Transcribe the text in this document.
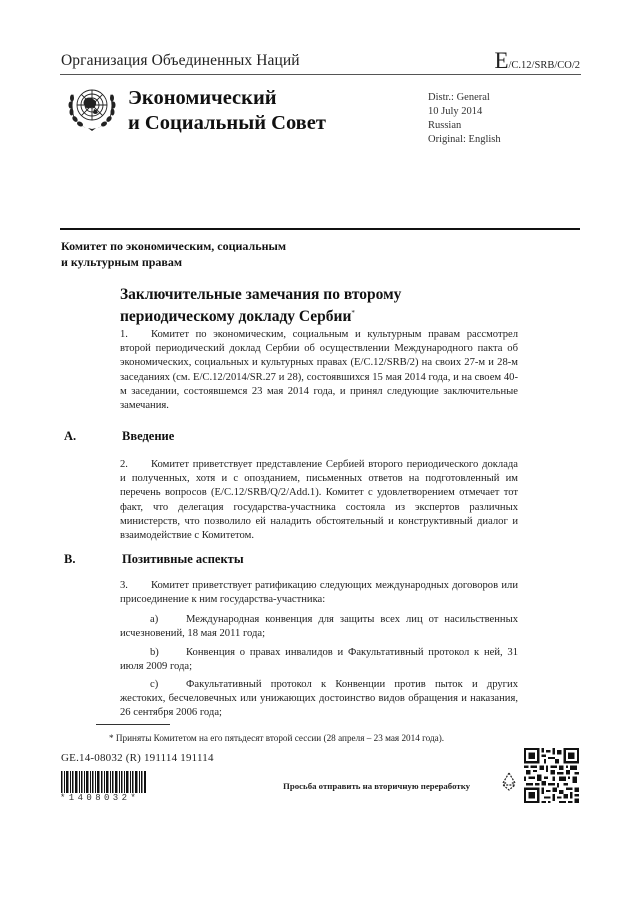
Организация Объединенных Наций	E/C.12/SRB/CO/2
Экономический
и Социальный Совет
Distr.: General
10 July 2014
Russian
Original: English
Комитет по экономическим, социальным
и культурным правам
Заключительные замечания по второму
периодическому докладу Сербии*
1. Комитет по экономическим, социальным и культурным правам рассмотрел второй периодический доклад Сербии об осуществлении Международного пакта об экономических, социальных и культурных правах (E/C.12/SRB/2) на своих 27-м и 28-м заседаниях (см. E/C.12/2014/SR.27 и 28), состоявшихся 15 мая 2014 года, и на своем 40-м заседании, состоявшемся 23 мая 2014 года, и принял следующие заключительные замечания.
A.	Введение
2. Комитет приветствует представление Сербией второго периодического доклада и полученных, хотя и с опозданием, письменных ответов на подготовленный им перечень вопросов (E/C.12/SRB/Q/2/Add.1). Комитет с удовлетворением отмечает тот факт, что делегация государства-участника состояла из экспертов различных министерств, что позволило ей наладить обстоятельный и конструктивный диалог и взаимодействие с Комитетом.
B.	Позитивные аспекты
3. Комитет приветствует ратификацию следующих международных договоров или присоединение к ним государства-участника:
a)	Международная конвенция для защиты всех лиц от насильственных исчезновений, 18 мая 2011 года;
b)	Конвенция о правах инвалидов и Факультативный протокол к ней, 31 июля 2009 года;
c)	Факультативный протокол к Конвенции против пыток и других жестоких, бесчеловечных или унижающих достоинство видов обращения и наказания, 26 сентября 2006 года;
* Приняты Комитетом на его пятьдесят второй сессии (28 апреля – 23 мая 2014 года).
GE.14-08032 (R) 191114 191114
*1408032*
Просьба отправить на вторичную переработку
